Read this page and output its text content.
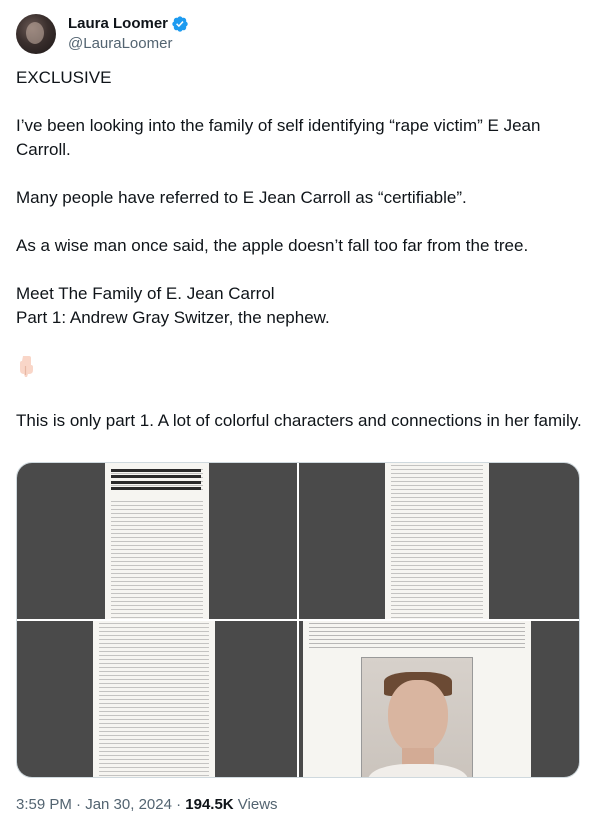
Laura Loomer
@LauraLoomer

EXCLUSIVE

I’ve been looking into the family of self identifying “rape victim” E Jean Carroll.

Many people have referred to E Jean Carroll as “certifiable”.

As a wise man once said, the apple doesn’t fall too far from the tree.

Meet The Family of E. Jean Carrol

Part 1: Andrew Gray Switzer, the nephew.

This is only part 1. A lot of colorful characters and connections in her family.

3:59 PM · Jan 30, 2024 · 194.5K Views
